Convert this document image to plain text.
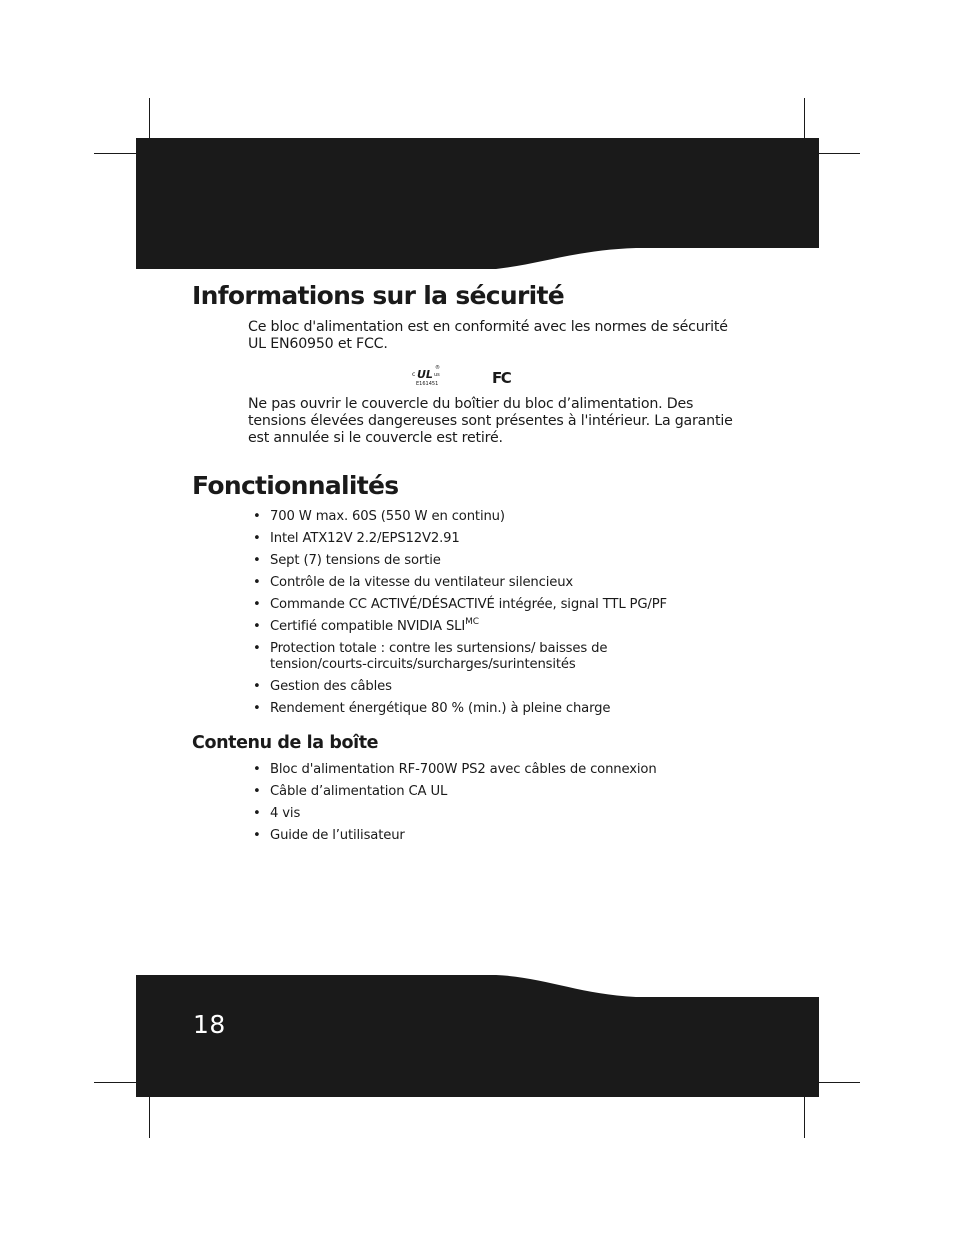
Informations sur la sécurité
Ce bloc d'alimentation est en conformité avec les normes de sécurité
UL EN60950 et FCC.
c UL us
®
E161451	FC
Ne pas ouvrir le couvercle du boîtier du bloc d’alimentation. Des
tensions élevées dangereuses sont présentes à l'intérieur. La garantie
est annulée si le couvercle est retiré.
Fonctionnalités
• 700 W max. 60S (550 W en continu)
• Intel ATX12V 2.2/EPS12V2.91
• Sept (7) tensions de sortie
• Contrôle de la vitesse du ventilateur silencieux
• Commande CC ACTIVÉ/DÉSACTIVÉ intégrée, signal TTL PG/PF
• Certifié compatible NVIDIA $SLI^{MC}$
• Protection totale : contre les surtensions/ baisses de
tension/courts-circuits/surcharges/surintensités
• Gestion des câbles
• Rendement énergétique 80 % (min.) à pleine charge
Contenu de la boîte
• Bloc d'alimentation RF-700W PS2 avec câbles de connexion
• Câble d’alimentation CA UL
• 4 vis
• Guide de l’utilisateur

18
